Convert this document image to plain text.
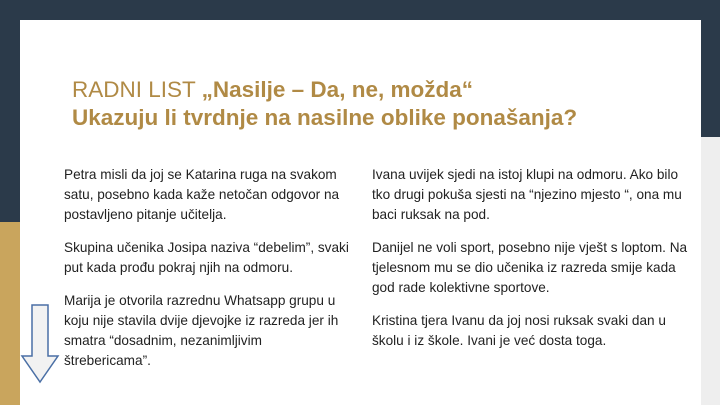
RADNI LIST „Nasilje – Da, ne, možda“
Ukazuju li tvrdnje na nasilne oblike ponašanja?

Petra misli da joj se Katarina ruga na svakom satu, posebno kada kaže netočan odgovor na postavljeno pitanje učitelja.

Skupina učenika Josipa naziva “debelim”, svaki put kada prođu pokraj njih na odmoru.

Marija je otvorila razrednu Whatsapp grupu u koju nije stavila dvije djevojke iz razreda jer ih smatra “dosadnim, nezanimljivim štrebericama”.

Ivana uvijek sjedi na istoj klupi na odmoru. Ako bilo tko drugi pokuša sjesti na “njezino mjesto “, ona mu baci ruksak na pod.

Danijel ne voli sport, posebno nije vješt s loptom. Na tjelesnom mu se dio učenika iz razreda smije kada god rade kolektivne sportove.

Kristina tjera Ivanu da joj nosi ruksak svaki dan u školu i iz škole. Ivani je već dosta toga.
